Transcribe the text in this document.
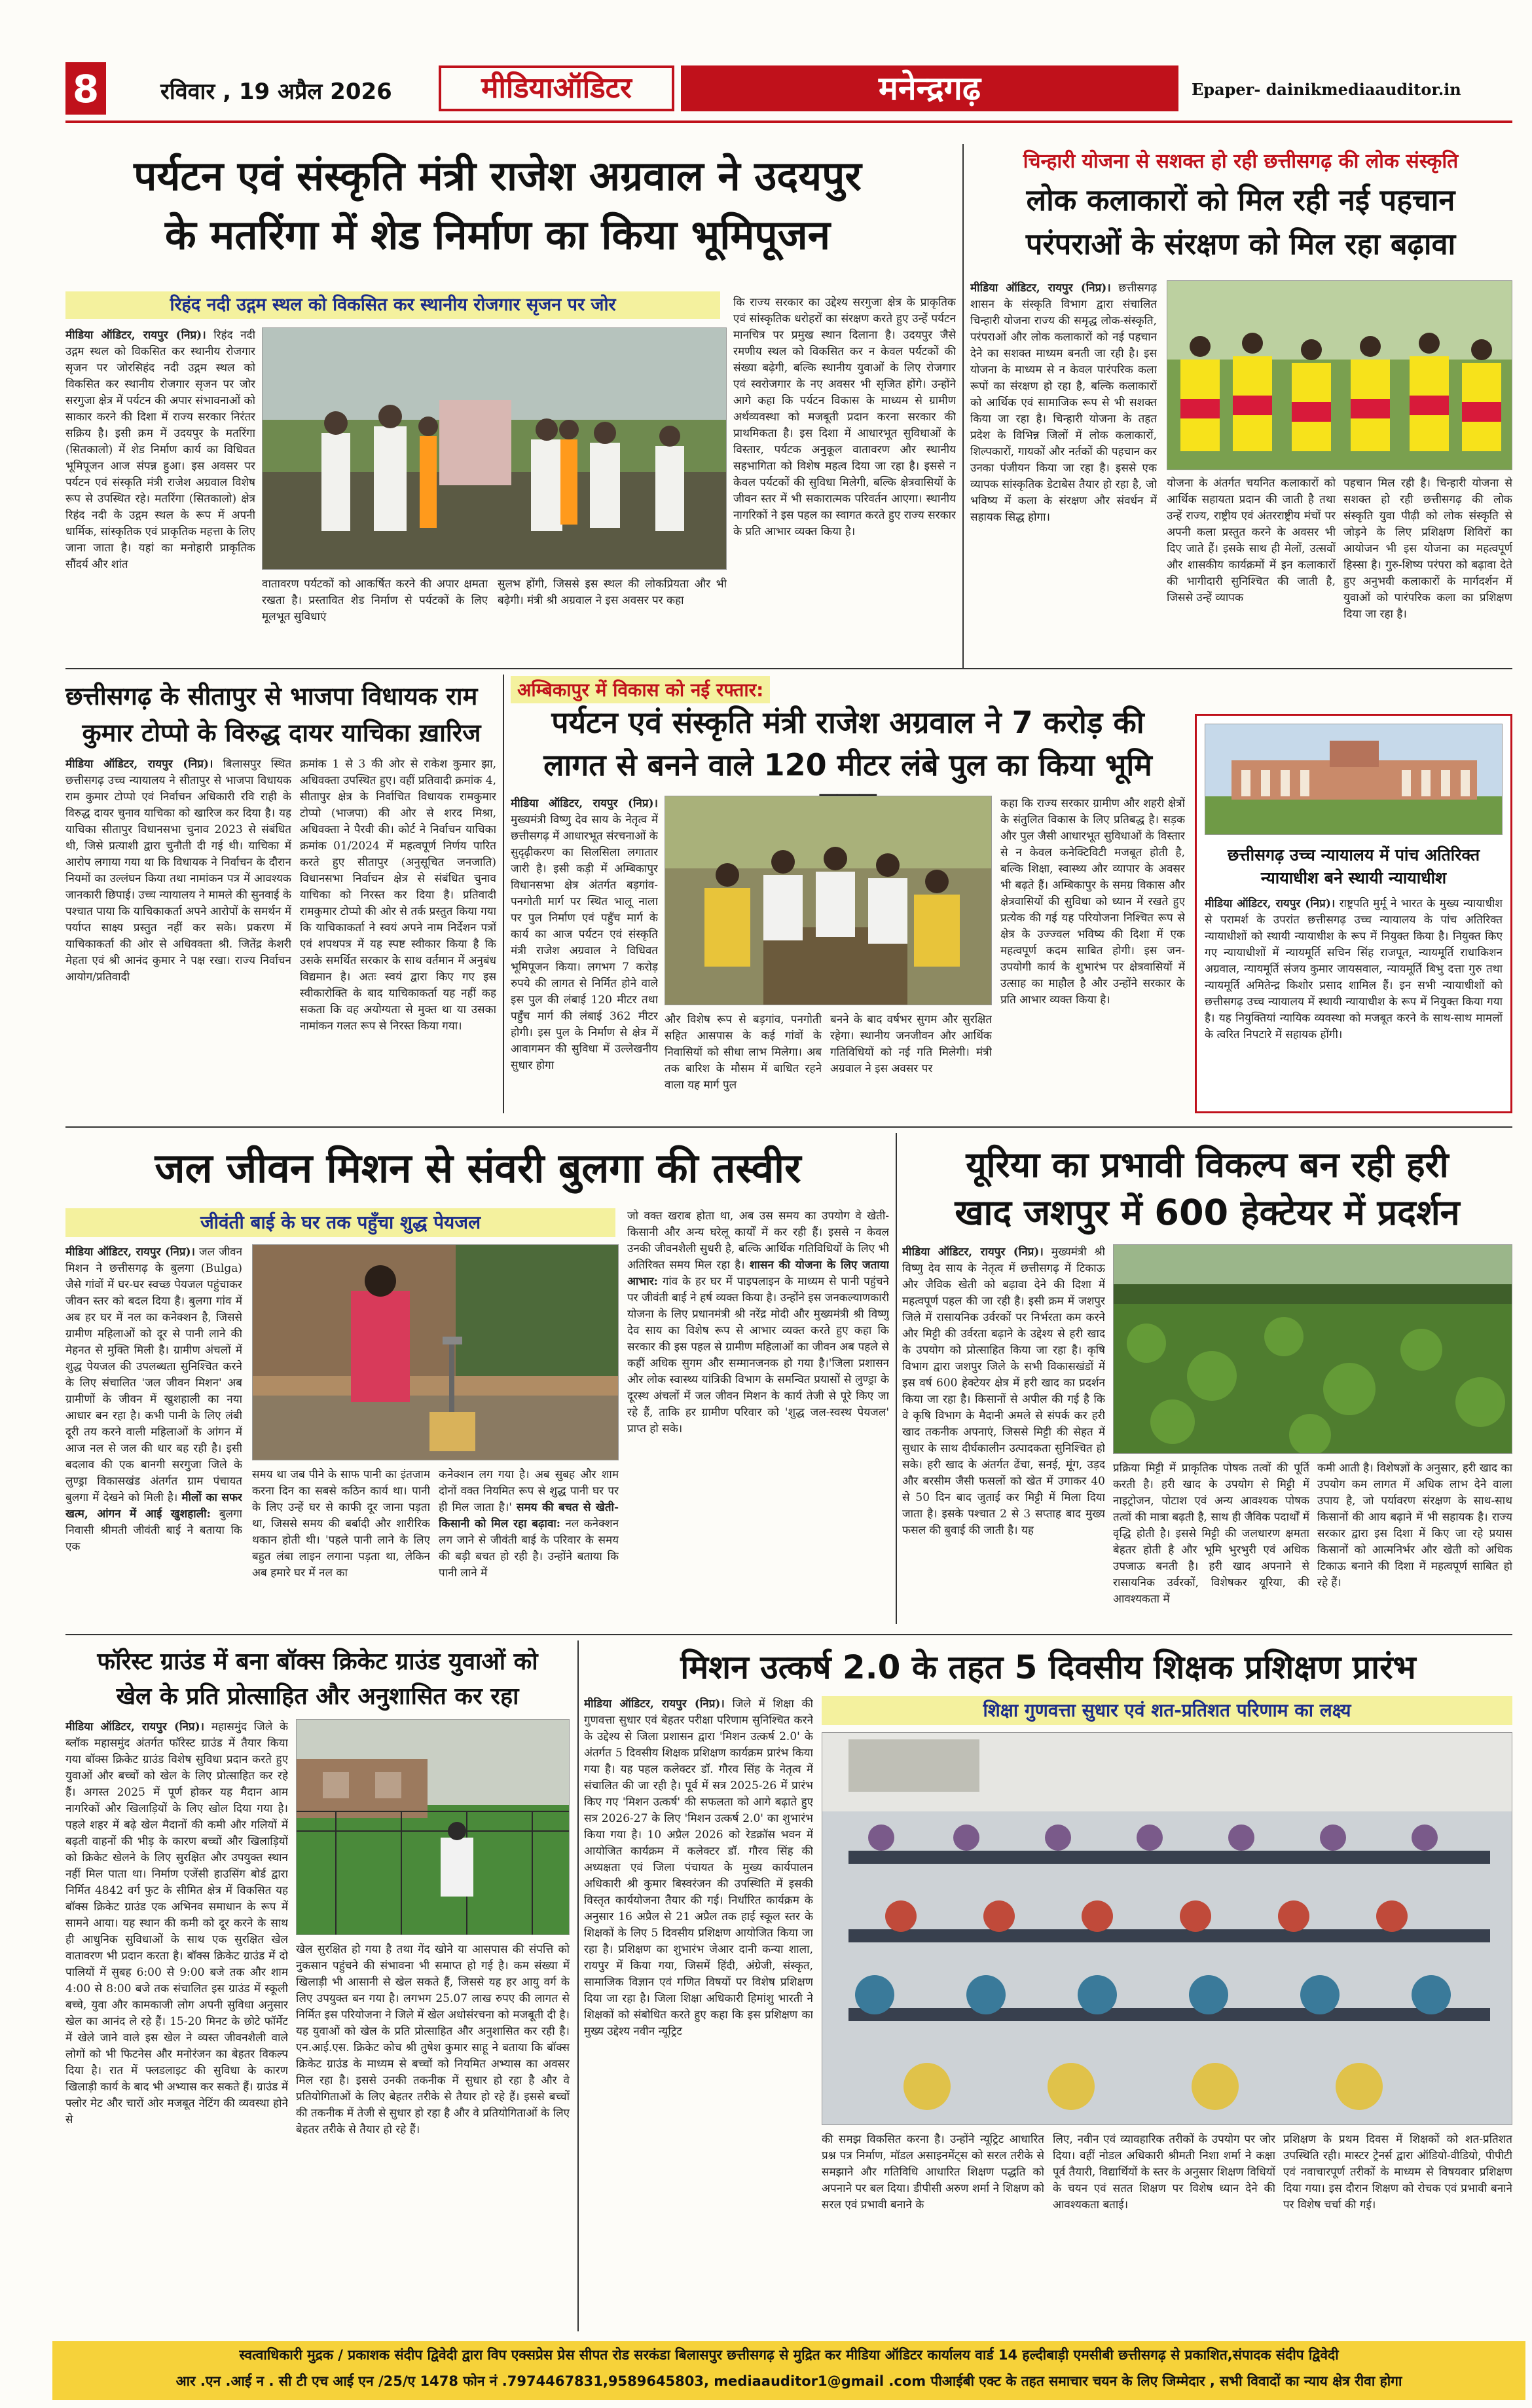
8	रविवार , 19 अप्रैल 2026	मीडियाऑडिटर	मनेन्द्रगढ़	Epaper- dainikmediaauditor.in
पर्यटन एवं संस्कृति मंत्री राजेश अग्रवाल ने उदयपुर
के मतरिंगा में शेड निर्माण का किया भूमिपूजन
रिहंद नदी उद्गम स्थल को विकसित कर स्थानीय रोजगार सृजन पर जोर
मीडिया ऑडिटर, रायपुर (निप्र)। रिहंद नदी उद्गम स्थल को विकसित कर स्थानीय रोजगार सृजन पर जोरसिहंद नदी उद्गम स्थल को विकसित कर स्थानीय रोजगार सृजन पर जोर सरगुजा क्षेत्र में पर्यटन की अपार संभावनाओं को साकार करने की दिशा में राज्य सरकार निरंतर सक्रिय है। इसी क्रम में उदयपुर के मतरिंगा (सितकालो) में शेड निर्माण कार्य का विधिवत भूमिपूजन आज संपन्न हुआ। इस अवसर पर पर्यटन एवं संस्कृति मंत्री राजेश अग्रवाल विशेष रूप से उपस्थित रहे। मतरिंगा (सितकालो) क्षेत्र रिहंद नदी के उद्गम स्थल के रूप में अपनी धार्मिक, सांस्कृतिक एवं प्राकृतिक महत्ता के लिए जाना जाता है। यहां का मनोहारी प्राकृतिक सौंदर्य और शांत
वातावरण पर्यटकों को आकर्षित करने की अपार क्षमता रखता है। प्रस्तावित शेड निर्माण से पर्यटकों के लिए मूलभूत सुविधाएं
सुलभ होंगी, जिससे इस स्थल की लोकप्रियता और भी बढ़ेगी। मंत्री श्री अग्रवाल ने इस अवसर पर कहा
कि राज्य सरकार का उद्देश्य सरगुजा क्षेत्र के प्राकृतिक एवं सांस्कृतिक धरोहरों का संरक्षण करते हुए उन्हें पर्यटन मानचित्र पर प्रमुख स्थान दिलाना है। उदयपुर जैसे रमणीय स्थल को विकसित कर न केवल पर्यटकों की संख्या बढ़ेगी, बल्कि स्थानीय युवाओं के लिए रोजगार एवं स्वरोजगार के नए अवसर भी सृजित होंगे। उन्होंने आगे कहा कि पर्यटन विकास के माध्यम से ग्रामीण अर्थव्यवस्था को मजबूती प्रदान करना सरकार की प्राथमिकता है। इस दिशा में आधारभूत सुविधाओं के विस्तार, पर्यटक अनुकूल वातावरण और स्थानीय सहभागिता को विशेष महत्व दिया जा रहा है। इससे न केवल पर्यटकों की सुविधा मिलेगी, बल्कि क्षेत्रवासियों के जीवन स्तर में भी सकारात्मक परिवर्तन आएगा। स्थानीय नागरिकों ने इस पहल का स्वागत करते हुए राज्य सरकार के प्रति आभार व्यक्त किया है।
चिन्हारी योजना से सशक्त हो रही छत्तीसगढ़ की लोक संस्कृति
लोक कलाकारों को मिल रही नई पहचान
परंपराओं के संरक्षण को मिल रहा बढ़ावा
मीडिया ऑडिटर, रायपुर (निप्र)। छत्तीसगढ़ शासन के संस्कृति विभाग द्वारा संचालित चिन्हारी योजना राज्य की समृद्ध लोक-संस्कृति, परंपराओं और लोक कलाकारों को नई पहचान देने का सशक्त माध्यम बनती जा रही है। इस योजना के माध्यम से न केवल पारंपरिक कला रूपों का संरक्षण हो रहा है, बल्कि कलाकारों को आर्थिक एवं सामाजिक रूप से भी सशक्त किया जा रहा है। चिन्हारी योजना के तहत प्रदेश के विभिन्न जिलों में लोक कलाकारों, शिल्पकारों, गायकों और नर्तकों की पहचान कर उनका पंजीयन किया जा रहा है। इससे एक व्यापक सांस्कृतिक डेटाबेस तैयार हो रहा है, जो भविष्य में कला के संरक्षण और संवर्धन में सहायक सिद्ध होगा।
योजना के अंतर्गत चयनित कलाकारों को आर्थिक सहायता प्रदान की जाती है तथा उन्हें राज्य, राष्ट्रीय एवं अंतरराष्ट्रीय मंचों पर अपनी कला प्रस्तुत करने के अवसर भी दिए जाते हैं। इसके साथ ही मेलों, उत्सवों और शासकीय कार्यक्रमों में इन कलाकारों की भागीदारी सुनिश्चित की जाती है, जिससे उन्हें व्यापक
पहचान मिल रही है। चिन्हारी योजना से सशक्त हो रही छत्तीसगढ़ की लोक संस्कृति युवा पीढ़ी को लोक संस्कृति से जोड़ने के लिए प्रशिक्षण शिविरों का आयोजन भी इस योजना का महत्वपूर्ण हिस्सा है। गुरु-शिष्य परंपरा को बढ़ावा देते हुए अनुभवी कलाकारों के मार्गदर्शन में युवाओं को पारंपरिक कला का प्रशिक्षण दिया जा रहा है।
छत्तीसगढ़ के सीतापुर से भाजपा विधायक राम
कुमार टोप्पो के विरुद्ध दायर याचिका ख़ारिज
मीडिया ऑडिटर, रायपुर (निप्र)। बिलासपुर स्थित छत्तीसगढ़ उच्च न्यायालय ने सीतापुर से भाजपा विधायक राम कुमार टोप्पो एवं निर्वाचन अधिकारी रवि राही के विरुद्ध दायर चुनाव याचिका को खारिज कर दिया है। यह याचिका सीतापुर विधानसभा चुनाव 2023 से संबंधित थी, जिसे प्रत्याशी द्वारा चुनौती दी गई थी। याचिका में आरोप लगाया गया था कि विधायक ने निर्वाचन के दौरान नियमों का उल्लंघन किया तथा नामांकन पत्र में आवश्यक जानकारी छिपाई। उच्च न्यायालय ने मामले की सुनवाई के पश्चात पाया कि याचिकाकर्ता अपने आरोपों के समर्थन में पर्याप्त साक्ष्य प्रस्तुत नहीं कर सके। प्रकरण में याचिकाकर्ता की ओर से अधिवक्ता श्री. जितेंद्र केशरी मेहता एवं श्री आनंद कुमार ने पक्ष रखा। राज्य निर्वाचन आयोग/प्रतिवादी
क्रमांक 1 से 3 की ओर से राकेश कुमार झा, अधिवक्ता उपस्थित हुए। वहीं प्रतिवादी क्रमांक 4, सीतापुर क्षेत्र के निर्वाचित विधायक रामकुमार टोप्पो (भाजपा) की ओर से शरद मिश्रा, अधिवक्ता ने पैरवी की। कोर्ट ने निर्वाचन याचिका क्रमांक 01/2024 में महत्वपूर्ण निर्णय पारित करते हुए सीतापुर (अनुसूचित जनजाति) विधानसभा निर्वाचन क्षेत्र से संबंधित चुनाव याचिका को निरस्त कर दिया है। प्रतिवादी रामकुमार टोप्पो की ओर से तर्क प्रस्तुत किया गया कि याचिकाकर्ता ने स्वयं अपने नाम निर्देशन पत्रों एवं शपथपत्र में यह स्पष्ट स्वीकार किया है कि उसके समर्थित सरकार के साथ वर्तमान में अनुबंध विद्यमान है। अतः स्वयं द्वारा किए गए इस स्वीकारोक्ति के बाद याचिकाकर्ता यह नहीं कह सकता कि वह अयोग्यता से मुक्त था या उसका नामांकन गलत रूप से निरस्त किया गया।
अम्बिकापुर में विकास को नई रफ्तार:
पर्यटन एवं संस्कृति मंत्री राजेश अग्रवाल ने 7 करोड़ की
लागत से बनने वाले 120 मीटर लंबे पुल का किया भूमि
मीडिया ऑडिटर, रायपुर (निप्र)। मुख्यमंत्री विष्णु देव साय के नेतृत्व में छत्तीसगढ़ में आधारभूत संरचनाओं के सुदृढ़ीकरण का सिलसिला लगातार जारी है। इसी कड़ी में अम्बिकापुर विधानसभा क्षेत्र अंतर्गत बड़गांव-पनगोती मार्ग पर स्थित भालू नाला पर पुल निर्माण एवं पहुँच मार्ग के कार्य का आज पर्यटन एवं संस्कृति मंत्री राजेश अग्रवाल ने विधिवत भूमिपूजन किया। लगभग 7 करोड़ रुपये की लागत से निर्मित होने वाले इस पुल की लंबाई 120 मीटर तथा पहुँच मार्ग की लंबाई 362 मीटर होगी। इस पुल के निर्माण से क्षेत्र में आवागमन की सुविधा में उल्लेखनीय सुधार होगा
और विशेष रूप से बड़गांव, पनगोती सहित आसपास के कई गांवों के निवासियों को सीधा लाभ मिलेगा। अब तक बारिश के मौसम में बाधित रहने वाला यह मार्ग पुल
बनने के बाद वर्षभर सुगम और सुरक्षित रहेगा। स्थानीय जनजीवन और आर्थिक गतिविधियों को नई गति मिलेगी। मंत्री अग्रवाल ने इस अवसर पर
कहा कि राज्य सरकार ग्रामीण और शहरी क्षेत्रों के संतुलित विकास के लिए प्रतिबद्ध है। सड़क और पुल जैसी आधारभूत सुविधाओं के विस्तार से न केवल कनेक्टिविटी मजबूत होती है, बल्कि शिक्षा, स्वास्थ्य और व्यापार के अवसर भी बढ़ते हैं। अम्बिकापुर के समग्र विकास और क्षेत्रवासियों की सुविधा को ध्यान में रखते हुए प्रत्येक की गई यह परियोजना निश्चित रूप से क्षेत्र के उज्ज्वल भविष्य की दिशा में एक महत्वपूर्ण कदम साबित होगी। इस जन-उपयोगी कार्य के शुभारंभ पर क्षेत्रवासियों में उत्साह का माहौल है और उन्होंने सरकार के प्रति आभार व्यक्त किया है।
छत्तीसगढ़ उच्च न्यायालय में पांच अतिरिक्त
न्यायाधीश बने स्थायी न्यायाधीश
मीडिया ऑडिटर, रायपुर (निप्र)। राष्ट्रपति मुर्मू ने भारत के मुख्य न्यायाधीश से परामर्श के उपरांत छत्तीसगढ़ उच्च न्यायालय के पांच अतिरिक्त न्यायाधीशों को स्थायी न्यायाधीश के रूप में नियुक्त किया है। नियुक्त किए गए न्यायाधीशों में न्यायमूर्ति सचिन सिंह राजपूत, न्यायमूर्ति राधाकिशन अग्रवाल, न्यायमूर्ति संजय कुमार जायसवाल, न्यायमूर्ति बिभु दत्ता गुरु तथा न्यायमूर्ति अमितेन्द्र किशोर प्रसाद शामिल हैं। इन सभी न्यायाधीशों को छत्तीसगढ़ उच्च न्यायालय में स्थायी न्यायाधीश के रूप में नियुक्त किया गया है। यह नियुक्तियां न्यायिक व्यवस्था को मजबूत करने के साथ-साथ मामलों के त्वरित निपटारे में सहायक होंगी।
जल जीवन मिशन से संवरी बुलगा की तस्वीर
जीवंती बाई के घर तक पहुँचा शुद्ध पेयजल
मीडिया ऑडिटर, रायपुर (निप्र)। जल जीवन मिशन ने छत्तीसगढ़ के बुलगा (Bulga) जैसे गांवों में घर-घर स्वच्छ पेयजल पहुंचाकर जीवन स्तर को बदल दिया है। बुलगा गांव में अब हर घर में नल का कनेक्शन है, जिससे ग्रामीण महिलाओं को दूर से पानी लाने की मेहनत से मुक्ति मिली है। ग्रामीण अंचलों में शुद्ध पेयजल की उपलब्धता सुनिश्चित करने के लिए संचालित 'जल जीवन मिशन' अब ग्रामीणों के जीवन में खुशहाली का नया आधार बन रहा है। कभी पानी के लिए लंबी दूरी तय करने वाली महिलाओं के आंगन में आज नल से जल की धार बह रही है। इसी बदलाव की एक बानगी सरगुजा जिले के लुण्ड्रा विकासखंड अंतर्गत ग्राम पंचायत बुलगा में देखने को मिली है। मीलों का सफर खत्म, आंगन में आई खुशहाली: बुलगा निवासी श्रीमती जीवंती बाई ने बताया कि एक
समय था जब पीने के साफ पानी का इंतजाम करना दिन का सबसे कठिन कार्य था। पानी के लिए उन्हें घर से काफी दूर जाना पड़ता था, जिससे समय की बर्बादी और शारीरिक थकान होती थी। 'पहले पानी लाने के लिए बहुत लंबा लाइन लगाना पड़ता था, लेकिन अब हमारे घर में नल का
कनेक्शन लग गया है। अब सुबह और शाम दोनों वक्त नियमित रूप से शुद्ध पानी घर पर ही मिल जाता है।' समय की बचत से खेती-किसानी को मिल रहा बढ़ावा: नल कनेक्शन लग जाने से जीवंती बाई के परिवार के समय की बड़ी बचत हो रही है। उन्होंने बताया कि पानी लाने में
जो वक्त खराब होता था, अब उस समय का उपयोग वे खेती-किसानी और अन्य घरेलू कार्यों में कर रही हैं। इससे न केवल उनकी जीवनशैली सुधरी है, बल्कि आर्थिक गतिविधियों के लिए भी अतिरिक्त समय मिल रहा है। शासन की योजना के लिए जताया आभार: गांव के हर घर में पाइपलाइन के माध्यम से पानी पहुंचने पर जीवंती बाई ने हर्ष व्यक्त किया है। उन्होंने इस जनकल्याणकारी योजना के लिए प्रधानमंत्री श्री नरेंद्र मोदी और मुख्यमंत्री श्री विष्णु देव साय का विशेष रूप से आभार व्यक्त करते हुए कहा कि सरकार की इस पहल से ग्रामीण महिलाओं का जीवन अब पहले से कहीं अधिक सुगम और सम्मानजनक हो गया है।'जिला प्रशासन और लोक स्वास्थ्य यांत्रिकी विभाग के समन्वित प्रयासों से लुण्ड्रा के दूरस्थ अंचलों में जल जीवन मिशन के कार्य तेजी से पूरे किए जा रहे हैं, ताकि हर ग्रामीण परिवार को 'शुद्ध जल-स्वस्थ पेयजल' प्राप्त हो सके।
यूरिया का प्रभावी विकल्प बन रही हरी
खाद जशपुर में 600 हेक्टेयर में प्रदर्शन
मीडिया ऑडिटर, रायपुर (निप्र)। मुख्यमंत्री श्री विष्णु देव साय के नेतृत्व में छत्तीसगढ़ में टिकाऊ और जैविक खेती को बढ़ावा देने की दिशा में महत्वपूर्ण पहल की जा रही है। इसी क्रम में जशपुर जिले में रासायनिक उर्वरकों पर निर्भरता कम करने और मिट्टी की उर्वरता बढ़ाने के उद्देश्य से हरी खाद के उपयोग को प्रोत्साहित किया जा रहा है। कृषि विभाग द्वारा जशपुर जिले के सभी विकासखंडों में इस वर्ष 600 हेक्टेयर क्षेत्र में हरी खाद का प्रदर्शन किया जा रहा है। किसानों से अपील की गई है कि वे कृषि विभाग के मैदानी अमले से संपर्क कर हरी खाद तकनीक अपनाएं, जिससे मिट्टी की सेहत में सुधार के साथ दीर्घकालीन उत्पादकता सुनिश्चित हो सके। हरी खाद के अंतर्गत ढेंचा, सनई, मूंग, उड़द और बरसीम जैसी फसलों को खेत में उगाकर 40 से 50 दिन बाद जुताई कर मिट्टी में मिला दिया जाता है। इसके पश्चात 2 से 3 सप्ताह बाद मुख्य फसल की बुवाई की जाती है। यह
प्रक्रिया मिट्टी में प्राकृतिक पोषक तत्वों की पूर्ति करती है। हरी खाद के उपयोग से मिट्टी में नाइट्रोजन, पोटाश एवं अन्य आवश्यक पोषक तत्वों की मात्रा बढ़ती है, साथ ही जैविक पदार्थों में वृद्धि होती है। इससे मिट्टी की जलधारण क्षमता बेहतर होती है और भूमि भुरभुरी एवं अधिक उपजाऊ बनती है। हरी खाद अपनाने से रासायनिक उर्वरकों, विशेषकर यूरिया, की आवश्यकता में
कमी आती है। विशेषज्ञों के अनुसार, हरी खाद का उपयोग कम लागत में अधिक लाभ देने वाला उपाय है, जो पर्यावरण संरक्षण के साथ-साथ किसानों की आय बढ़ाने में भी सहायक है। राज्य सरकार द्वारा इस दिशा में किए जा रहे प्रयास किसानों को आत्मनिर्भर और खेती को अधिक टिकाऊ बनाने की दिशा में महत्वपूर्ण साबित हो रहे हैं।
फॉरेस्ट ग्राउंड में बना बॉक्स क्रिकेट ग्राउंड युवाओं को
खेल के प्रति प्रोत्साहित और अनुशासित कर रहा
मीडिया ऑडिटर, रायपुर (निप्र)। महासमुंद जिले के ब्लॉक महासमुंद अंतर्गत फॉरेस्ट ग्राउंड में तैयार किया गया बॉक्स क्रिकेट ग्राउंड विशेष सुविधा प्रदान करते हुए युवाओं और बच्चों को खेल के लिए प्रोत्साहित कर रहे हैं। अगस्त 2025 में पूर्ण होकर यह मैदान आम नागरिकों और खिलाड़ियों के लिए खोल दिया गया है। पहले शहर में बढ़े खेल मैदानों की कमी और गलियों में बढ़ती वाहनों की भीड़ के कारण बच्चों और खिलाड़ियों को क्रिकेट खेलने के लिए सुरक्षित और उपयुक्त स्थान नहीं मिल पाता था। निर्माण एजेंसी हाउसिंग बोर्ड द्वारा निर्मित 4842 वर्ग फुट के सीमित क्षेत्र में विकसित यह बॉक्स क्रिकेट ग्राउंड एक अभिनव समाधान के रूप में सामने आया। यह स्थान की कमी को दूर करने के साथ ही आधुनिक सुविधाओं के साथ एक सुरक्षित खेल वातावरण भी प्रदान करता है। बॉक्स क्रिकेट ग्राउंड में दो पालियों में सुबह 6:00 से 9:00 बजे तक और शाम 4:00 से 8:00 बजे तक संचालित इस ग्राउंड में स्कूली बच्चे, युवा और कामकाजी लोग अपनी सुविधा अनुसार खेल का आनंद ले रहे हैं। 15-20 मिनट के छोटे फॉर्मेट में खेले जाने वाले इस खेल ने व्यस्त जीवनशैली वाले लोगों को भी फिटनेस और मनोरंजन का बेहतर विकल्प दिया है। रात में फ्लडलाइट की सुविधा के कारण खिलाड़ी कार्य के बाद भी अभ्यास कर सकते हैं। ग्राउंड में फ्लोर मेट और चारों ओर मजबूत नेटिंग की व्यवस्था होने से
खेल सुरक्षित हो गया है तथा गेंद खोने या आसपास की संपत्ति को नुकसान पहुंचने की संभावना भी समाप्त हो गई है। कम संख्या में खिलाड़ी भी आसानी से खेल सकते हैं, जिससे यह हर आयु वर्ग के लिए उपयुक्त बन गया है। लगभग 25.07 लाख रुपए की लागत से निर्मित इस परियोजना ने जिले में खेल अधोसंरचना को मजबूती दी है। यह युवाओं को खेल के प्रति प्रोत्साहित और अनुशासित कर रही है। एन.आई.एस. क्रिकेट कोच श्री तुषेश कुमार साहू ने बताया कि बॉक्स क्रिकेट ग्राउंड के माध्यम से बच्चों को नियमित अभ्यास का अवसर मिल रहा है। इससे उनकी तकनीक में सुधार हो रहा है और वे प्रतियोगिताओं के लिए बेहतर तरीके से तैयार हो रहे हैं। इससे बच्चों की तकनीक में तेजी से सुधार हो रहा है और वे प्रतियोगिताओं के लिए बेहतर तरीके से तैयार हो रहे हैं।
मिशन उत्कर्ष 2.0 के तहत 5 दिवसीय शिक्षक प्रशिक्षण प्रारंभ
मीडिया ऑडिटर, रायपुर (निप्र)। जिले में शिक्षा की गुणवत्ता सुधार एवं बेहतर परीक्षा परिणाम सुनिश्चित करने के उद्देश्य से जिला प्रशासन द्वारा 'मिशन उत्कर्ष 2.0' के अंतर्गत 5 दिवसीय शिक्षक प्रशिक्षण कार्यक्रम प्रारंभ किया गया है। यह पहल कलेक्टर डॉ. गौरव सिंह के नेतृत्व में संचालित की जा रही है। पूर्व में सत्र 2025-26 में प्रारंभ किए गए 'मिशन उत्कर्ष' की सफलता को आगे बढ़ाते हुए सत्र 2026-27 के लिए 'मिशन उत्कर्ष 2.0' का शुभारंभ किया गया है। 10 अप्रैल 2026 को रेडक्रॉस भवन में आयोजित कार्यक्रम में कलेक्टर डॉ. गौरव सिंह की अध्यक्षता एवं जिला पंचायत के मुख्य कार्यपालन अधिकारी श्री कुमार बिस्वरंजन की उपस्थिति में इसकी विस्तृत कार्ययोजना तैयार की गई। निर्धारित कार्यक्रम के अनुसार 16 अप्रैल से 21 अप्रैल तक हाई स्कूल स्तर के शिक्षकों के लिए 5 दिवसीय प्रशिक्षण आयोजित किया जा रहा है। प्रशिक्षण का शुभारंभ जेआर दानी कन्या शाला, रायपुर में किया गया, जिसमें हिंदी, अंग्रेजी, संस्कृत, सामाजिक विज्ञान एवं गणित विषयों पर विशेष प्रशिक्षण दिया जा रहा है। जिला शिक्षा अधिकारी हिमांशु भारती ने शिक्षकों को संबोधित करते हुए कहा कि इस प्रशिक्षण का मुख्य उद्देश्य नवीन न्यूट्रिट
शिक्षा गुणवत्ता सुधार एवं शत-प्रतिशत परिणाम का लक्ष्य
की समझ विकसित करना है। उन्होंने न्यूट्रिट आधारित प्रश्न पत्र निर्माण, मॉडल असाइनमेंट्स को सरल तरीके से समझाने और गतिविधि आधारित शिक्षण पद्धति को अपनाने पर बल दिया। डीपीसी अरुण शर्मा ने शिक्षण को सरल एवं प्रभावी बनाने के
लिए, नवीन एवं व्यावहारिक तरीकों के उपयोग पर जोर दिया। वहीं नोडल अधिकारी श्रीमती निशा शर्मा ने कक्षा पूर्व तैयारी, विद्यार्थियों के स्तर के अनुसार शिक्षण विधियों के चयन एवं सतत शिक्षण पर विशेष ध्यान देने की आवश्यकता बताई।
प्रशिक्षण के प्रथम दिवस में शिक्षकों को शत-प्रतिशत उपस्थिति रही। मास्टर ट्रेनर्स द्वारा ऑडियो-वीडियो, पीपीटी एवं नवाचारपूर्ण तरीकों के माध्यम से विषयवार प्रशिक्षण दिया गया। इस दौरान शिक्षण को रोचक एवं प्रभावी बनाने पर विशेष चर्चा की गई।
स्वत्वाधिकारी मुद्रक / प्रकाशक संदीप द्विवेदी द्वारा विप एक्सप्रेस प्रेस सीपत रोड सरकंडा बिलासपुर छत्तीसगढ़ से मुद्रित कर मीडिया ऑडिटर कार्यालय वार्ड 14 हल्दीबाड़ी एमसीबी छत्तीसगढ़ से प्रकाशित,संपादक संदीप द्विवेदी
आर .एन .आई न . सी टी एच आई एन /25/ए 1478 फोन नं .7974467831,9589645803, mediaauditor1@gmail .com पीआईबी एक्ट के तहत समाचार चयन के लिए जिम्मेदार , सभी विवादों का न्याय क्षेत्र रीवा होगा
